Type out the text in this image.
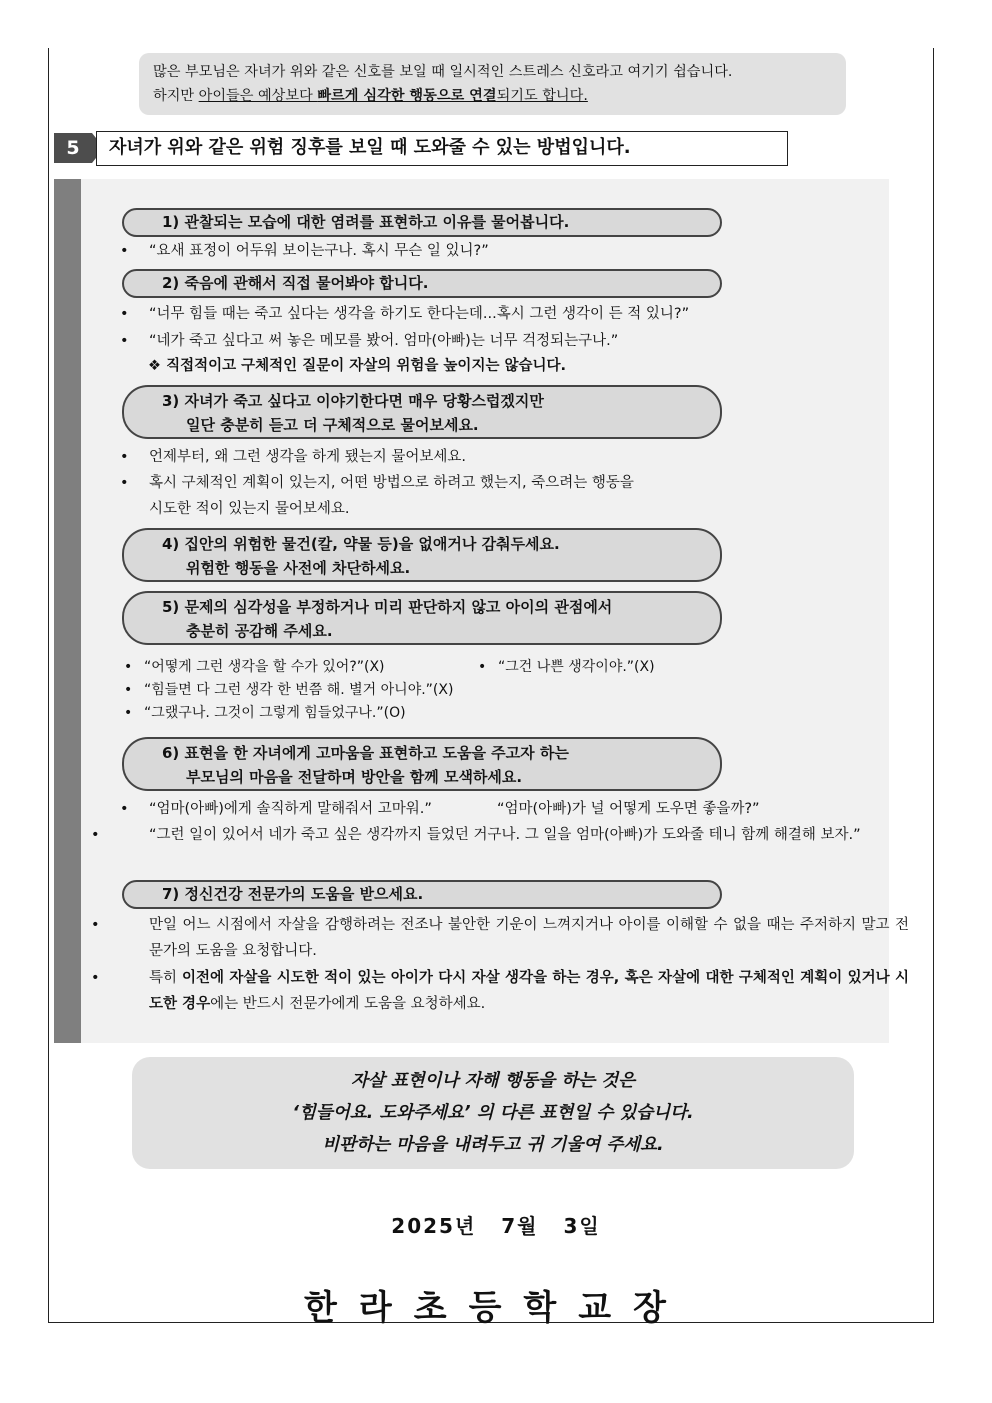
많은 부모님은 자녀가 위와 같은 신호를 보일 때 일시적인 스트레스 신호라고 여기기 쉽습니다.
하지만 아이들은 예상보다 빠르게 심각한 행동으로 연결되기도 합니다.
5	자녀가 위와 같은 위험 징후를 보일 때 도와줄 수 있는 방법입니다.
1) 관찰되는 모습에 대한 염려를 표현하고 이유를 물어봅니다.
• “요새 표정이 어두워 보이는구나. 혹시 무슨 일 있니?”
2) 죽음에 관해서 직접 물어봐야 합니다.
• “너무 힘들 때는 죽고 싶다는 생각을 하기도 한다는데...혹시 그런 생각이 든 적 있니?”
• “네가 죽고 싶다고 써 놓은 메모를 봤어. 엄마(아빠)는 너무 걱정되는구나.”
❖ 직접적이고 구체적인 질문이 자살의 위험을 높이지는 않습니다.
3) 자녀가 죽고 싶다고 이야기한다면 매우 당황스럽겠지만
일단 충분히 듣고 더 구체적으로 물어보세요.
• 언제부터, 왜 그런 생각을 하게 됐는지 물어보세요.
• 혹시 구체적인 계획이 있는지, 어떤 방법으로 하려고 했는지, 죽으려는 행동을
시도한 적이 있는지 물어보세요.
4) 집안의 위험한 물건(칼, 약물 등)을 없애거나 감춰두세요.
위험한 행동을 사전에 차단하세요.
5) 문제의 심각성을 부정하거나 미리 판단하지 않고 아이의 관점에서
충분히 공감해 주세요.
• “어떻게 그런 생각을 할 수가 있어?”(X)	• “그건 나쁜 생각이야.”(X)
• “힘들면 다 그런 생각 한 번쯤 해. 별거 아니야.”(X)
• “그랬구나. 그것이 그렇게 힘들었구나.”(O)
6) 표현을 한 자녀에게 고마움을 표현하고 도움을 주고자 하는
부모님의 마음을 전달하며 방안을 함께 모색하세요.
• “엄마(아빠)에게 솔직하게 말해줘서 고마워.”	“엄마(아빠)가 널 어떻게 도우면 좋을까?”
•	“그런 일이 있어서 네가 죽고 싶은 생각까지 들었던 거구나. 그 일을 엄마(아빠)가 도와줄 테니 함께 해결해 보자.”
7) 정신건강 전문가의 도움을 받으세요.
•	만일 어느 시점에서 자살을 감행하려는 전조나 불안한 기운이 느껴지거나 아이를 이해할 수 없을 때는 주저하지 말고 전문가의 도움을 요청합니다.
•	특히 이전에 자살을 시도한 적이 있는 아이가 다시 자살 생각을 하는 경우, 혹은 자살에 대한 구체적인 계획이 있거나 시도한 경우에는 반드시 전문가에게 도움을 요청하세요.
자살 표현이나 자해 행동을 하는 것은
‘힘들어요. 도와주세요’ 의 다른 표현일 수 있습니다.
비판하는 마음을 내려두고 귀 기울여 주세요.
2025년 7월 3일
한라초등학교장
